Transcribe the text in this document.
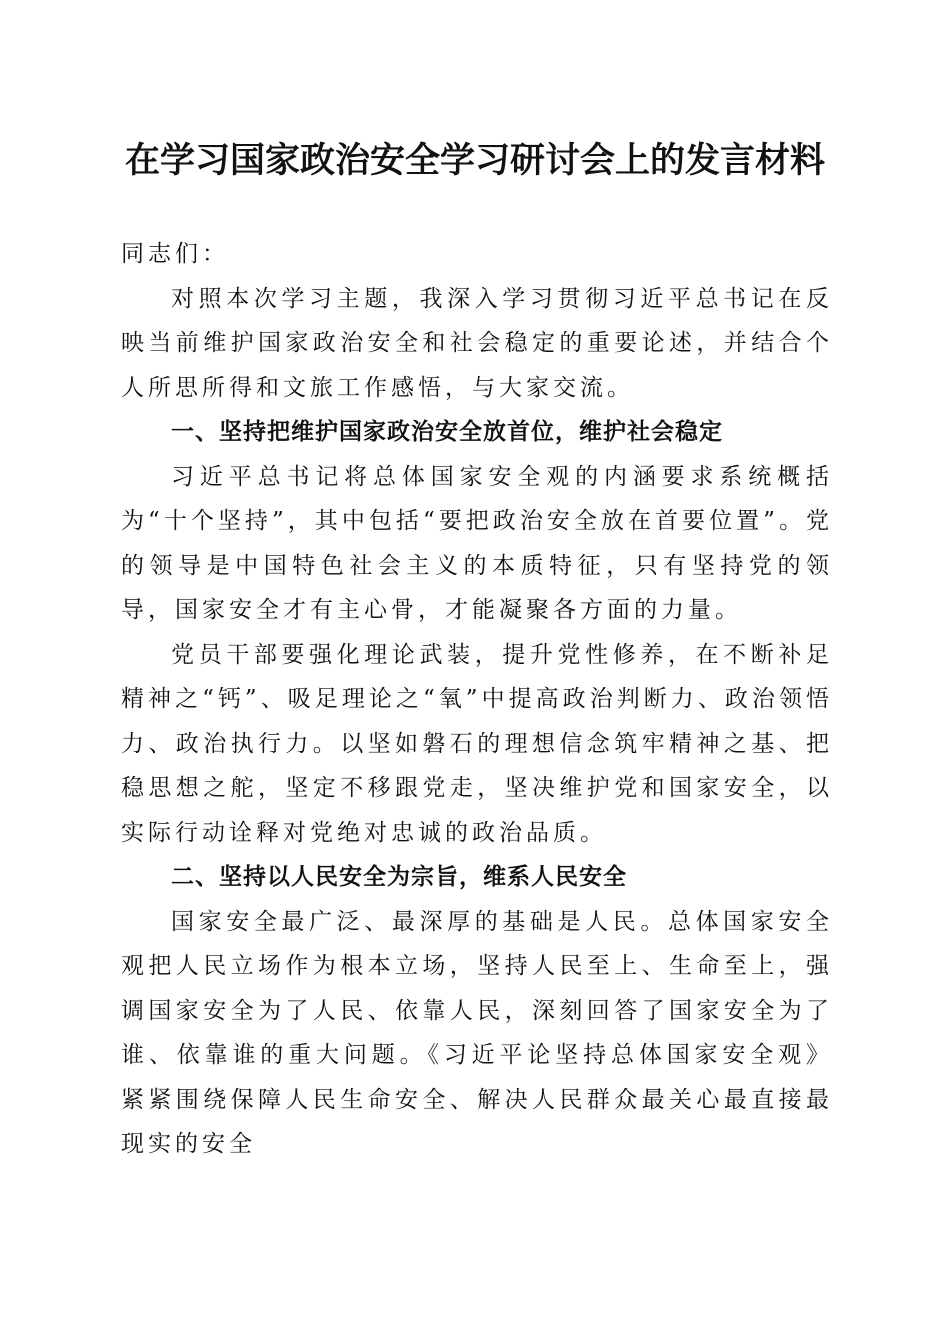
在学习国家政治安全学习研讨会上的发言材料

同志们：

对照本次学习主题，我深入学习贯彻习近平总书记在反映当前维护国家政治安全和社会稳定的重要论述，并结合个人所思所得和文旅工作感悟，与大家交流。

一、坚持把维护国家政治安全放首位，维护社会稳定

习近平总书记将总体国家安全观的内涵要求系统概括为“十个坚持”，其中包括“要把政治安全放在首要位置”。党的领导是中国特色社会主义的本质特征，只有坚持党的领导，国家安全才有主心骨，才能凝聚各方面的力量。

党员干部要强化理论武装，提升党性修养，在不断补足精神之“钙”、吸足理论之“氧”中提高政治判断力、政治领悟力、政治执行力。以坚如磐石的理想信念筑牢精神之基、把稳思想之舵，坚定不移跟党走，坚决维护党和国家安全，以实际行动诠释对党绝对忠诚的政治品质。

二、坚持以人民安全为宗旨，维系人民安全

国家安全最广泛、最深厚的基础是人民。总体国家安全观把人民立场作为根本立场，坚持人民至上、生命至上，强调国家安全为了人民、依靠人民，深刻回答了国家安全为了谁、依靠谁的重大问题。《习近平论坚持总体国家安全观》紧紧围绕保障人民生命安全、解决人民群众最关心最直接最现实的安全
